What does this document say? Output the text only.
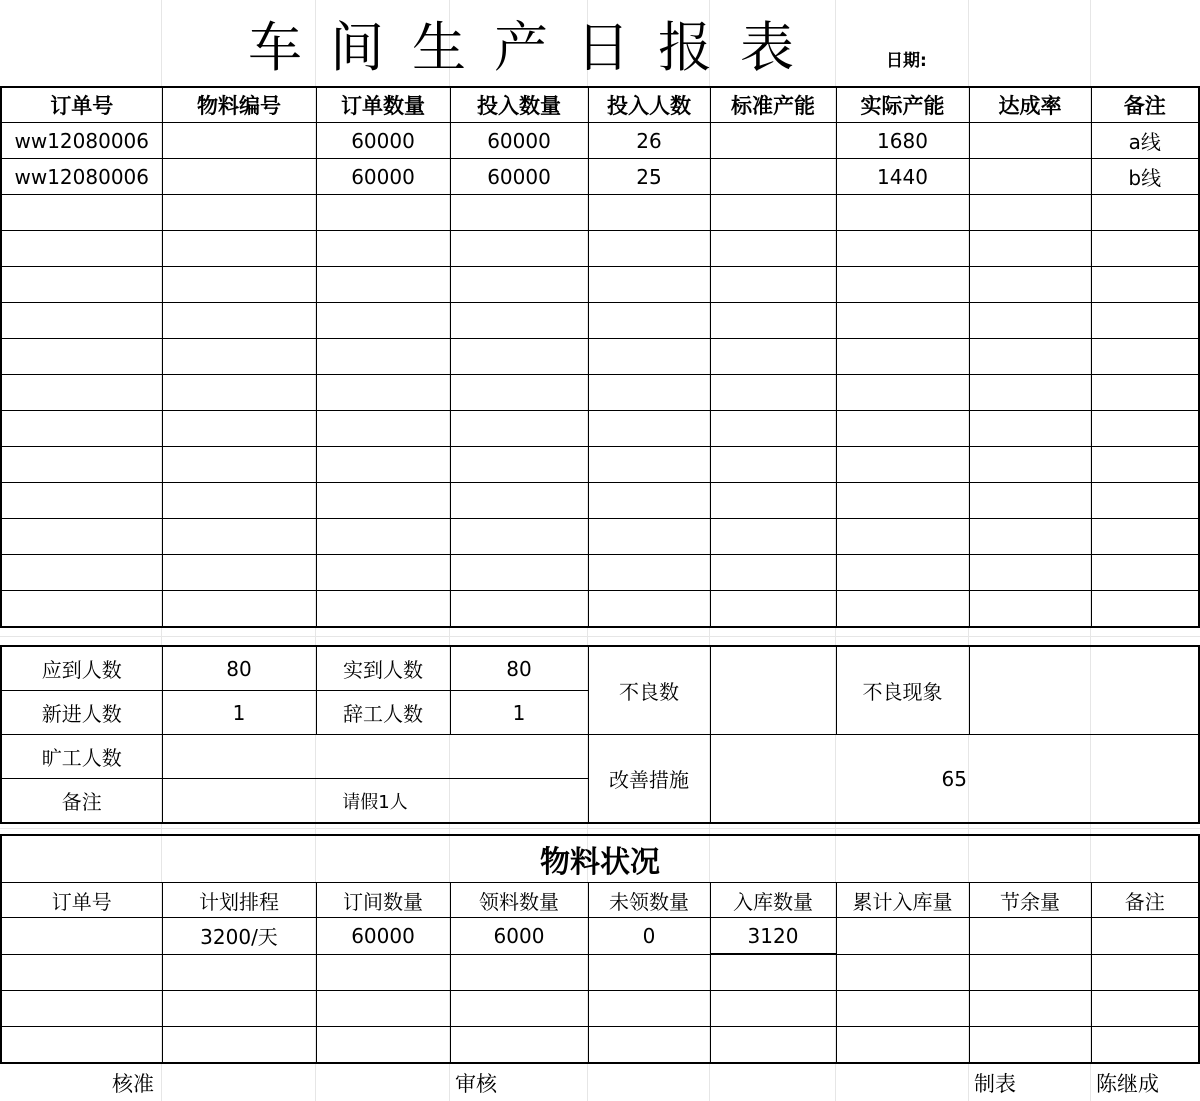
车间生产日报表	日期:
订单号	物料编号	订单数量	投入数量	投入人数	标准产能	实际产能	达成率	备注
ww12080006		60000	60000	26		1680		a线
ww12080006		60000	60000	25		1440		b线

应到人数	80	实到人数	80	不良数		不良现象	
新进人数	1	辞工人数	1				
旷工人数				改善措施	65		
备注	请假1人						
物料状况								
订单号	计划排程	订间数量	领料数量	未领数量	入库数量	累计入库量	节余量	备注
	3200/天	60000	6000	0	3120			

核准	审核	制表	陈继成
